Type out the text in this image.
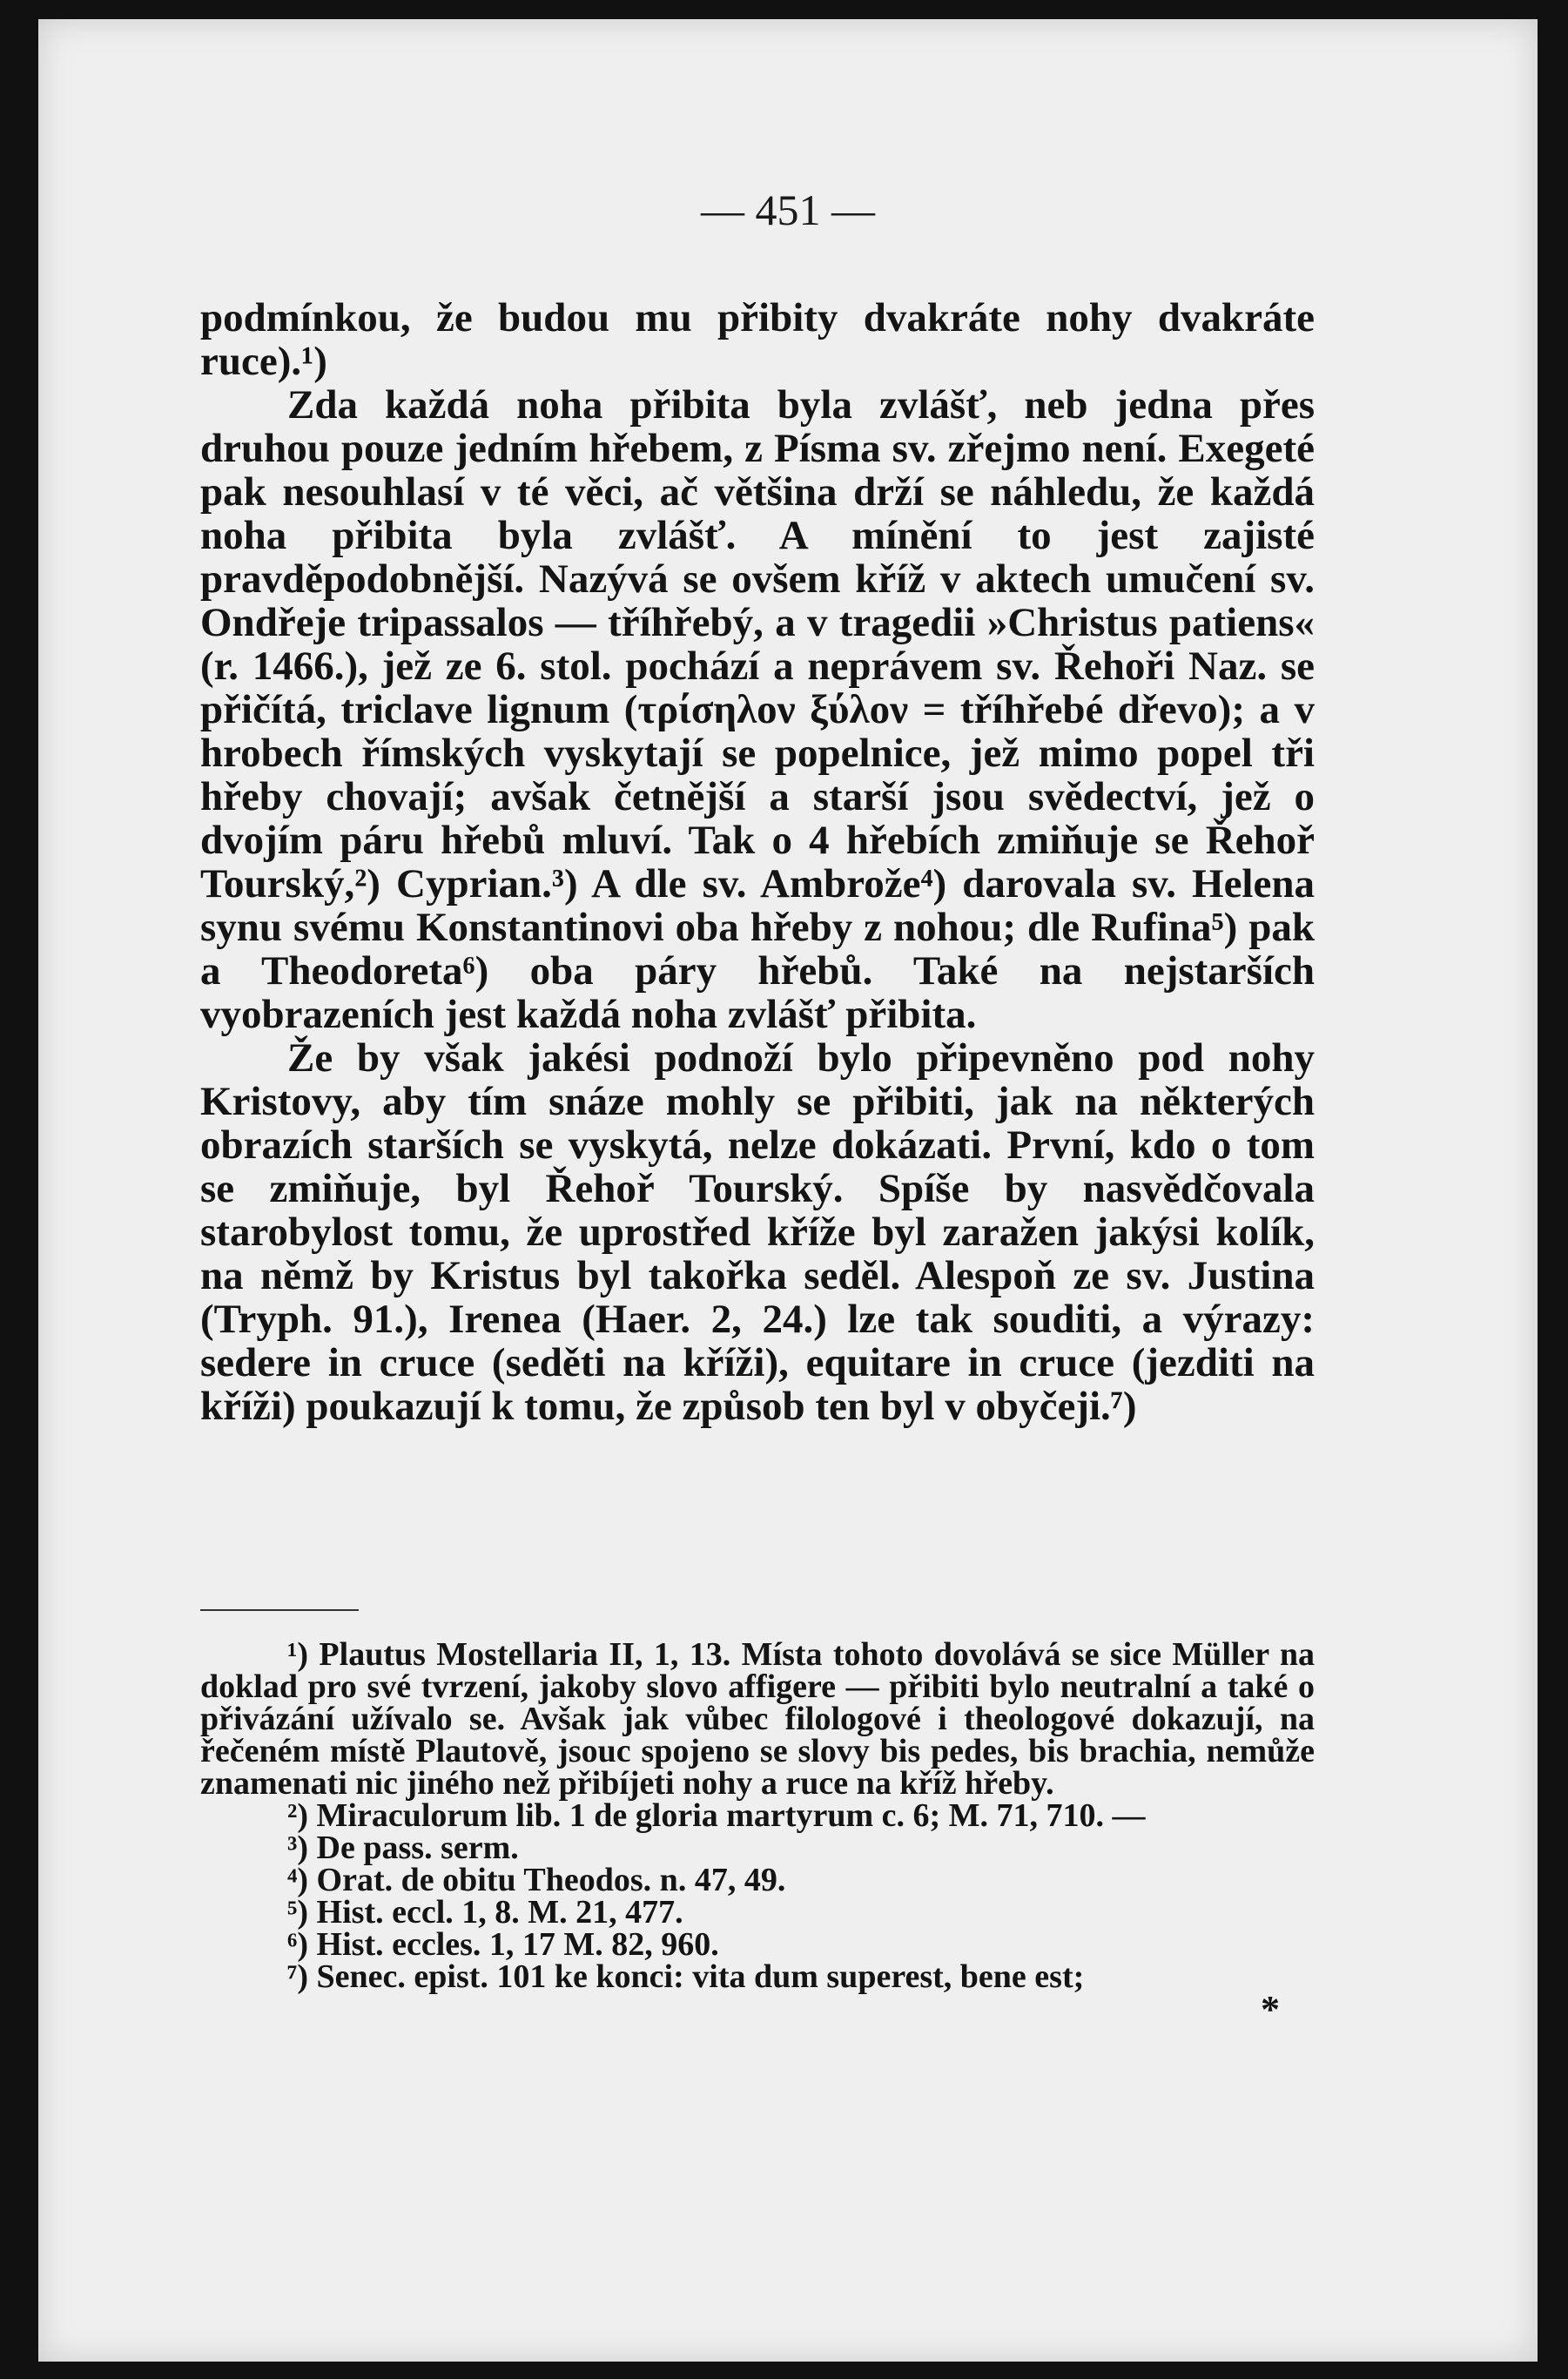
— 451 —

podmínkou, že budou mu přibity dvakráte nohy dvakráte ruce).¹)

Zda každá noha přibita byla zvlášť, neb jedna přes druhou pouze jedním hřebem, z Písma sv. zřejmo není. Exegeté pak nesouhlasí v té věci, ač většina drží se náhledu, že každá noha přibita byla zvlášť. A mínění to jest zajisté pravděpodobnější. Nazývá se ovšem kříž v aktech umučení sv. Ondřeje tripassalos — tříhřebý, a v tragedii »Christus patiens« (r. 1466.), jež ze 6. stol. pochází a neprávem sv. Řehoři Naz. se přičítá, triclave lignum (τρίσηλον ξύλον = tříhřebé dřevo); a v hrobech římských vyskytají se popelnice, jež mimo popel tři hřeby chovají; avšak četnější a starší jsou svědectví, jež o dvojím páru hřebů mluví. Tak o 4 hřebích zmiňuje se Řehoř Tourský,²) Cyprian.³) A dle sv. Ambrože⁴) darovala sv. Helena synu svému Konstantinovi oba hřeby z nohou; dle Rufina⁵) pak a Theodoreta⁶) oba páry hřebů. Také na nejstarších vyobrazeních jest každá noha zvlášť přibita.

Že by však jakési podnoží bylo připevněno pod nohy Kristovy, aby tím snáze mohly se přibiti, jak na některých obrazích starších se vyskytá, nelze dokázati. První, kdo o tom se zmiňuje, byl Řehoř Tourský. Spíše by nasvědčovala starobylost tomu, že uprostřed kříže byl zaražen jakýsi kolík, na němž by Kristus byl takořka seděl. Alespoň ze sv. Justina (Tryph. 91.), Irenea (Haer. 2, 24.) lze tak souditi, a výrazy: sedere in cruce (seděti na kříži), equitare in cruce (jezditi na kříži) poukazují k tomu, že způsob ten byl v obyčeji.⁷)

¹) Plautus Mostellaria II, 1, 13. Místa tohoto dovolává se sice Müller na doklad pro své tvrzení, jakoby slovo affigere — přibiti bylo neutralní a také o přivázání užívalo se. Avšak jak vůbec filologové i theologové dokazují, na řečeném místě Plautově, jsouc spojeno se slovy bis pedes, bis brachia, nemůže znamenati nic jiného než přibíjeti nohy a ruce na kříž hřeby.

²) Miraculorum lib. 1 de gloria martyrum c. 6; M. 71, 710. —

³) De pass. serm.

⁴) Orat. de obitu Theodos. n. 47, 49.

⁵) Hist. eccl. 1, 8. M. 21, 477.

⁶) Hist. eccles. 1, 17 M. 82, 960.

⁷) Senec. epist. 101 ke konci: vita dum superest, bene est;

*
